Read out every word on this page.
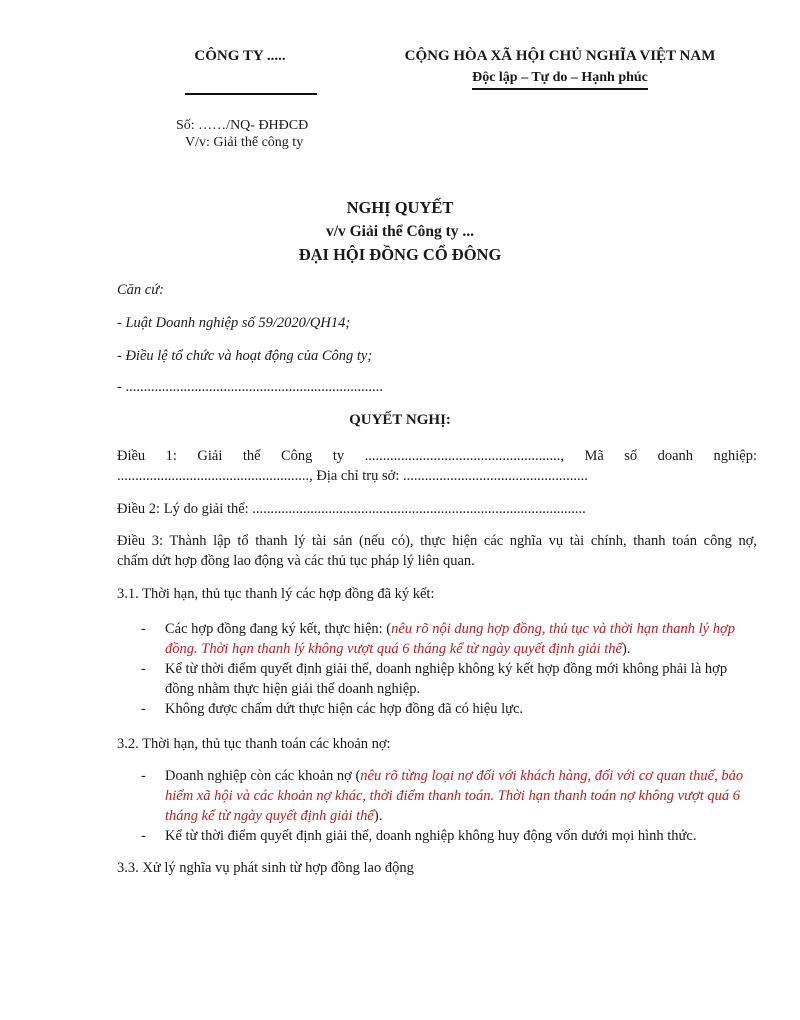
CÔNG TY .....	CỘNG HÒA XÃ HỘI CHỦ NGHĨA VIỆT NAM
Độc lập – Tự do – Hạnh phúc
Số: ……/NQ- ĐHĐCĐ
V/v: Giải thể công ty
NGHỊ QUYẾT
v/v Giải thể Công ty ...
ĐẠI HỘI ĐỒNG CỔ ĐÔNG
Căn cứ:
- Luật Doanh nghiệp số 59/2020/QH14;
- Điều lệ tổ chức và hoạt động của Công ty;
- .......................................................................
QUYẾT NGHỊ:
Điều 1: Giải thể Công ty ......................................................, Mã số doanh nghiệp:
....................................................., Địa chỉ trụ sở: ...................................................
Điều 2: Lý do giải thể: ............................................................................................
Điều 3: Thành lập tổ thanh lý tài sản (nếu có), thực hiện các nghĩa vụ tài chính, thanh toán công nợ,
chấm dứt hợp đồng lao động và các thủ tục pháp lý liên quan.
3.1. Thời hạn, thủ tục thanh lý các hợp đồng đã ký kết:
- Các hợp đồng đang ký kết, thực hiện: (nêu rõ nội dung hợp đồng, thủ tục và thời hạn thanh lý hợp đồng. Thời hạn thanh lý không vượt quá 6 tháng kể từ ngày quyết định giải thể).
- Kể từ thời điểm quyết định giải thể, doanh nghiệp không ký kết hợp đồng mới không phải là hợp đồng nhằm thực hiện giải thể doanh nghiệp.
- Không được chấm dứt thực hiện các hợp đồng đã có hiệu lực.
3.2. Thời hạn, thủ tục thanh toán các khoản nợ:
- Doanh nghiệp còn các khoản nợ (nêu rõ từng loại nợ đối với khách hàng, đối với cơ quan thuế, bảo hiểm xã hội và các khoản nợ khác, thời điểm thanh toán. Thời hạn thanh toán nợ không vượt quá 6 tháng kể từ ngày quyết định giải thể).
- Kể từ thời điểm quyết định giải thể, doanh nghiệp không huy động vốn dưới mọi hình thức.
3.3. Xử lý nghĩa vụ phát sinh từ hợp đồng lao động
